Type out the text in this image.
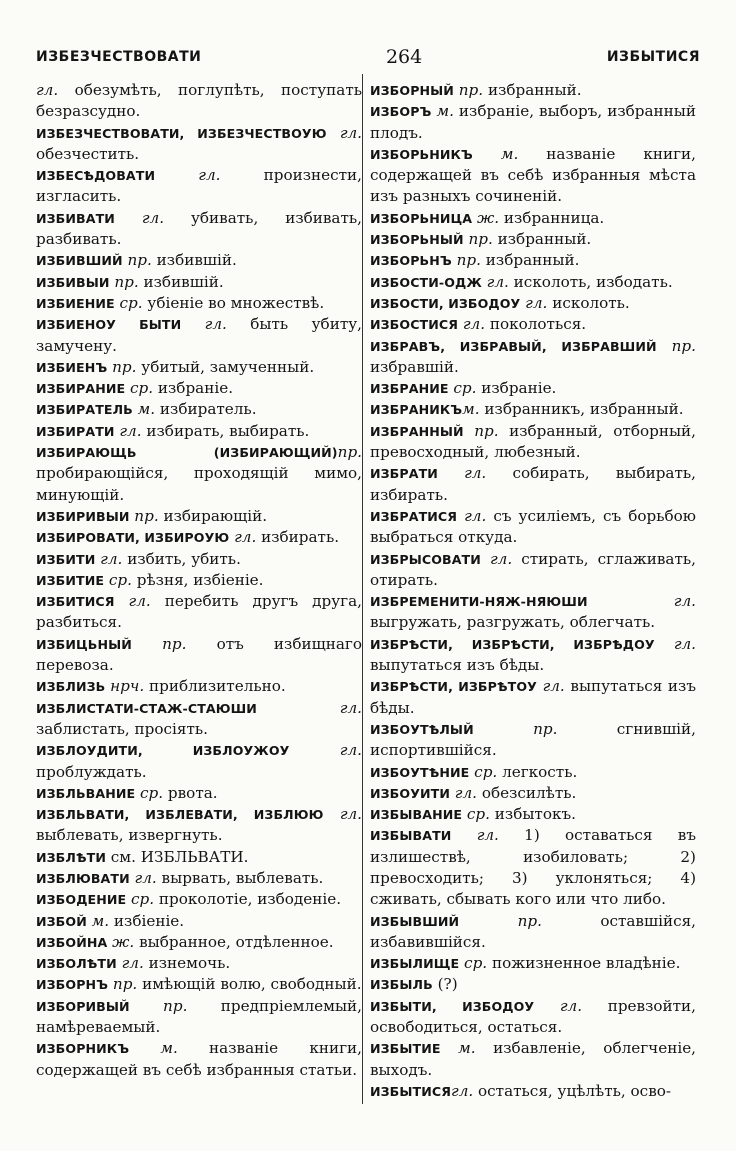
ИЗБЕЗЧЕСТВОВАТИ	264	ИЗБЫТИСЯ

гл. обезумѣть, поглупѣть, поступать безразсудно.

ИЗБЕЗЧЕСТВОВАТИ, ИЗБЕЗЧЕСТВОУЮ гл. обезчестить.

ИЗБЕСѢДОВАТИ гл. произнести, изгласить.

ИЗБИВАТИ гл. убивать, избивать, разбивать.

ИЗБИВШИЙ пр. избившій.

ИЗБИВЫИ пр. избившій.

ИЗБИЕНИЕ ср. убіеніе во множествѣ.

ИЗБИЕНОУ БЫТИ гл. быть убиту, замучену.

ИЗБИЕНЪ пр. убитый, замученный.

ИЗБИРАНИЕ ср. избраніе.

ИЗБИРАТЕЛЬ м. избиратель.

ИЗБИРАТИ гл. избирать, выбирать.

ИЗБИРАЮЩЬ (ИЗБИРАЮЩИЙ)пр. пробирающійся, проходящій мимо, минующій.

ИЗБИРИВЫИ пр. избирающій.

ИЗБИРОВАТИ, ИЗБИРОУЮ гл. избирать.

ИЗБИТИ гл. избить, убить.

ИЗБИТИЕ ср. рѣзня, избіеніе.

ИЗБИТИСЯ гл. перебить другъ друга, разбиться.

ИЗБИЦЬНЫЙ пр. отъ избищнаго перевоза.

ИЗБЛИЗЬ нрч. приблизительно.

ИЗБЛИСТАТИ-СТАЖ-СТАЮШИ гл. заблистать, просіять.

ИЗБЛОУДИТИ, ИЗБЛОУЖОУ гл. проблуждать.

ИЗБЛЬВАНИЕ ср. рвота.

ИЗБЛЬВАТИ, ИЗБЛЕВАТИ, ИЗБЛЮЮ гл. выблевать, извергнуть.

ИЗБЛѢТИ см. ИЗБЛЬВАТИ.

ИЗБЛЮВАТИ гл. вырвать, выблевать.

ИЗБОДЕНИЕ ср. проколотіе, избоденіе.

ИЗБОЙ м. избіеніе.

ИЗБОЙНА ж. выбранное, отдѣленное.

ИЗБОЛѢТИ гл. изнемочь.

ИЗБОРНЪ пр. имѣющій волю, свободный.

ИЗБОРИВЫЙ пр. предпріемлемый, намѣреваемый.

ИЗБОРНИКЪ м. названіе книги, содержащей въ себѣ избранныя статьи.

ИЗБОРНЫЙ пр. избранный.

ИЗБОРЪ м. избраніе, выборъ, избранный плодъ.

ИЗБОРЬНИКЪ м. названіе книги, содержащей въ себѣ избранныя мѣста изъ разныхъ сочиненій.

ИЗБОРЬНИЦА ж. избранница.

ИЗБОРЬНЫЙ пр. избранный.

ИЗБОРЬНЪ пр. избранный.

ИЗБОСТИ-ОДЖ гл. исколоть, избодать.

ИЗБОСТИ, ИЗБОДОУ гл. исколоть.

ИЗБОСТИСЯ гл. поколоться.

ИЗБРАВЪ, ИЗБРАВЫЙ, ИЗБРАВШИЙ пр. избравшій.

ИЗБРАНИЕ ср. избраніе.

ИЗБРАНИКЪм. избранникъ, избранный.

ИЗБРАННЫЙ пр. избранный, отборный, превосходный, любезный.

ИЗБРАТИ гл. собирать, выбирать, избирать.

ИЗБРАТИСЯ гл. съ усиліемъ, съ борьбою выбраться откуда.

ИЗБРЫСОВАТИ гл. стирать, сглаживать, отирать.

ИЗБРЕМЕНИТИ-НЯЖ-НЯЮШИ гл. выгружать, разгружать, облегчать.

ИЗБРѢСТИ, ИЗБРѢСТИ, ИЗБРѢДОУ гл. выпутаться изъ бѣды.

ИЗБРѢСТИ, ИЗБРѢТОУ гл. выпутаться изъ бѣды.

ИЗБОУТѢЛЫЙ пр. сгнившій, испортившійся.

ИЗБОУТѢНИЕ ср. легкость.

ИЗБОУИТИ гл. обезсилѣть.

ИЗБЫВАНИЕ ср. избытокъ.

ИЗБЫВАТИ гл. 1) оставаться въ излишествѣ, изобиловать; 2) превосходить; 3) уклоняться; 4) сживать, сбывать кого или что либо.

ИЗБЫВШИЙ пр. оставшійся, избавившійся.

ИЗБЫЛИЩЕ ср. пожизненное владѣніе.

ИЗБЫЛЬ (?)

ИЗБЫТИ, ИЗБОДОУ гл. превзойти, освободиться, остаться.

ИЗБЫТИЕ м. избавленіе, облегченіе, выходъ.

ИЗБЫТИСЯгл. остаться, уцѣлѣть, осво-
